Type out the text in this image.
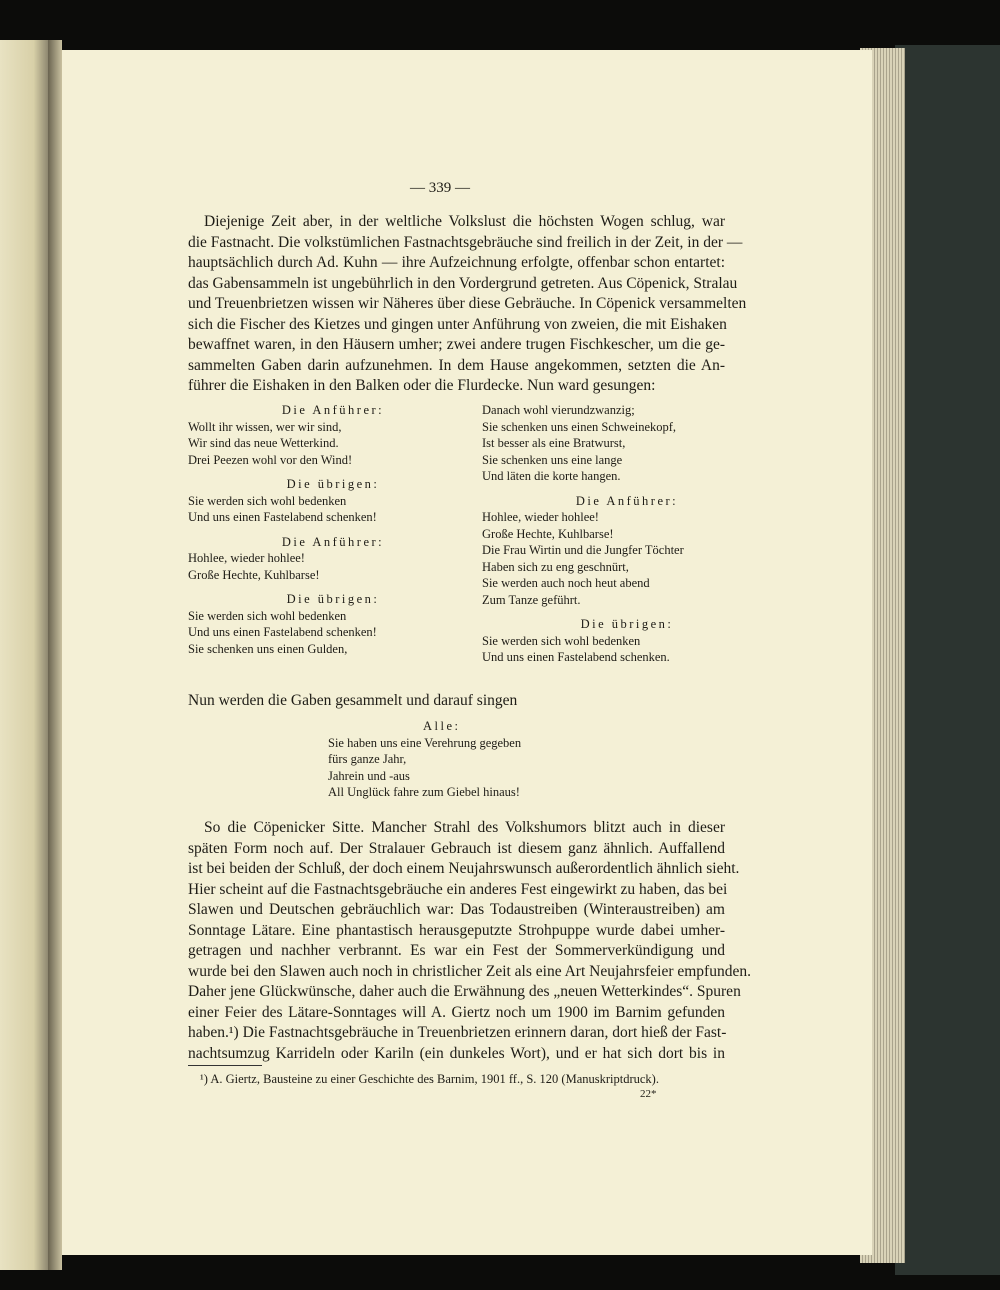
— 339 —
Diejenige Zeit aber, in der weltliche Volkslust die höchsten Wogen schlug, war
die Fastnacht. Die volkstümlichen Fastnachtsgebräuche sind freilich in der Zeit, in der —
hauptsächlich durch Ad. Kuhn — ihre Aufzeichnung erfolgte, offenbar schon entartet:
das Gabensammeln ist ungebührlich in den Vordergrund getreten. Aus Cöpenick, Stralau
und Treuenbrietzen wissen wir Näheres über diese Gebräuche. In Cöpenick versammelten
sich die Fischer des Kietzes und gingen unter Anführung von zweien, die mit Eishaken
bewaffnet waren, in den Häusern umher; zwei andere trugen Fischkescher, um die ge-
sammelten Gaben darin aufzunehmen. In dem Hause angekommen, setzten die An-
führer die Eishaken in den Balken oder die Flurdecke. Nun ward gesungen:
Die Anführer:
Wollt ihr wissen, wer wir sind,
Wir sind das neue Wetterkind.
Drei Peezen wohl vor den Wind!
Die übrigen:
Sie werden sich wohl bedenken
Und uns einen Fastelabend schenken!
Die Anführer:
Hohlee, wieder hohlee!
Große Hechte, Kuhlbarse!
Die übrigen:
Sie werden sich wohl bedenken
Und uns einen Fastelabend schenken!
Sie schenken uns einen Gulden,
Danach wohl vierundzwanzig;
Sie schenken uns einen Schweinekopf,
Ist besser als eine Bratwurst,
Sie schenken uns eine lange
Und läten die korte hangen.
Die Anführer:
Hohlee, wieder hohlee!
Große Hechte, Kuhlbarse!
Die Frau Wirtin und die Jungfer Töchter
Haben sich zu eng geschnürt,
Sie werden auch noch heut abend
Zum Tanze geführt.
Die übrigen:
Sie werden sich wohl bedenken
Und uns einen Fastelabend schenken.
Nun werden die Gaben gesammelt und darauf singen
Alle:
Sie haben uns eine Verehrung gegeben
fürs ganze Jahr,
Jahrein und -aus
All Unglück fahre zum Giebel hinaus!
So die Cöpenicker Sitte. Mancher Strahl des Volkshumors blitzt auch in dieser
späten Form noch auf. Der Stralauer Gebrauch ist diesem ganz ähnlich. Auffallend
ist bei beiden der Schluß, der doch einem Neujahrswunsch außerordentlich ähnlich sieht.
Hier scheint auf die Fastnachtsgebräuche ein anderes Fest eingewirkt zu haben, das bei
Slawen und Deutschen gebräuchlich war: Das Todaustreiben (Winteraustreiben) am
Sonntage Lätare. Eine phantastisch herausgeputzte Strohpuppe wurde dabei umher-
getragen und nachher verbrannt. Es war ein Fest der Sommerverkündigung und
wurde bei den Slawen auch noch in christlicher Zeit als eine Art Neujahrsfeier empfunden.
Daher jene Glückwünsche, daher auch die Erwähnung des „neuen Wetterkindes“. Spuren
einer Feier des Lätare-Sonntages will A. Giertz noch um 1900 im Barnim gefunden
haben.¹) Die Fastnachtsgebräuche in Treuenbrietzen erinnern daran, dort hieß der Fast-
nachtsumzug Karrideln oder Kariln (ein dunkeles Wort), und er hat sich dort bis in
¹) A. Giertz, Bausteine zu einer Geschichte des Barnim, 1901 ff., S. 120 (Manuskriptdruck).
22*
